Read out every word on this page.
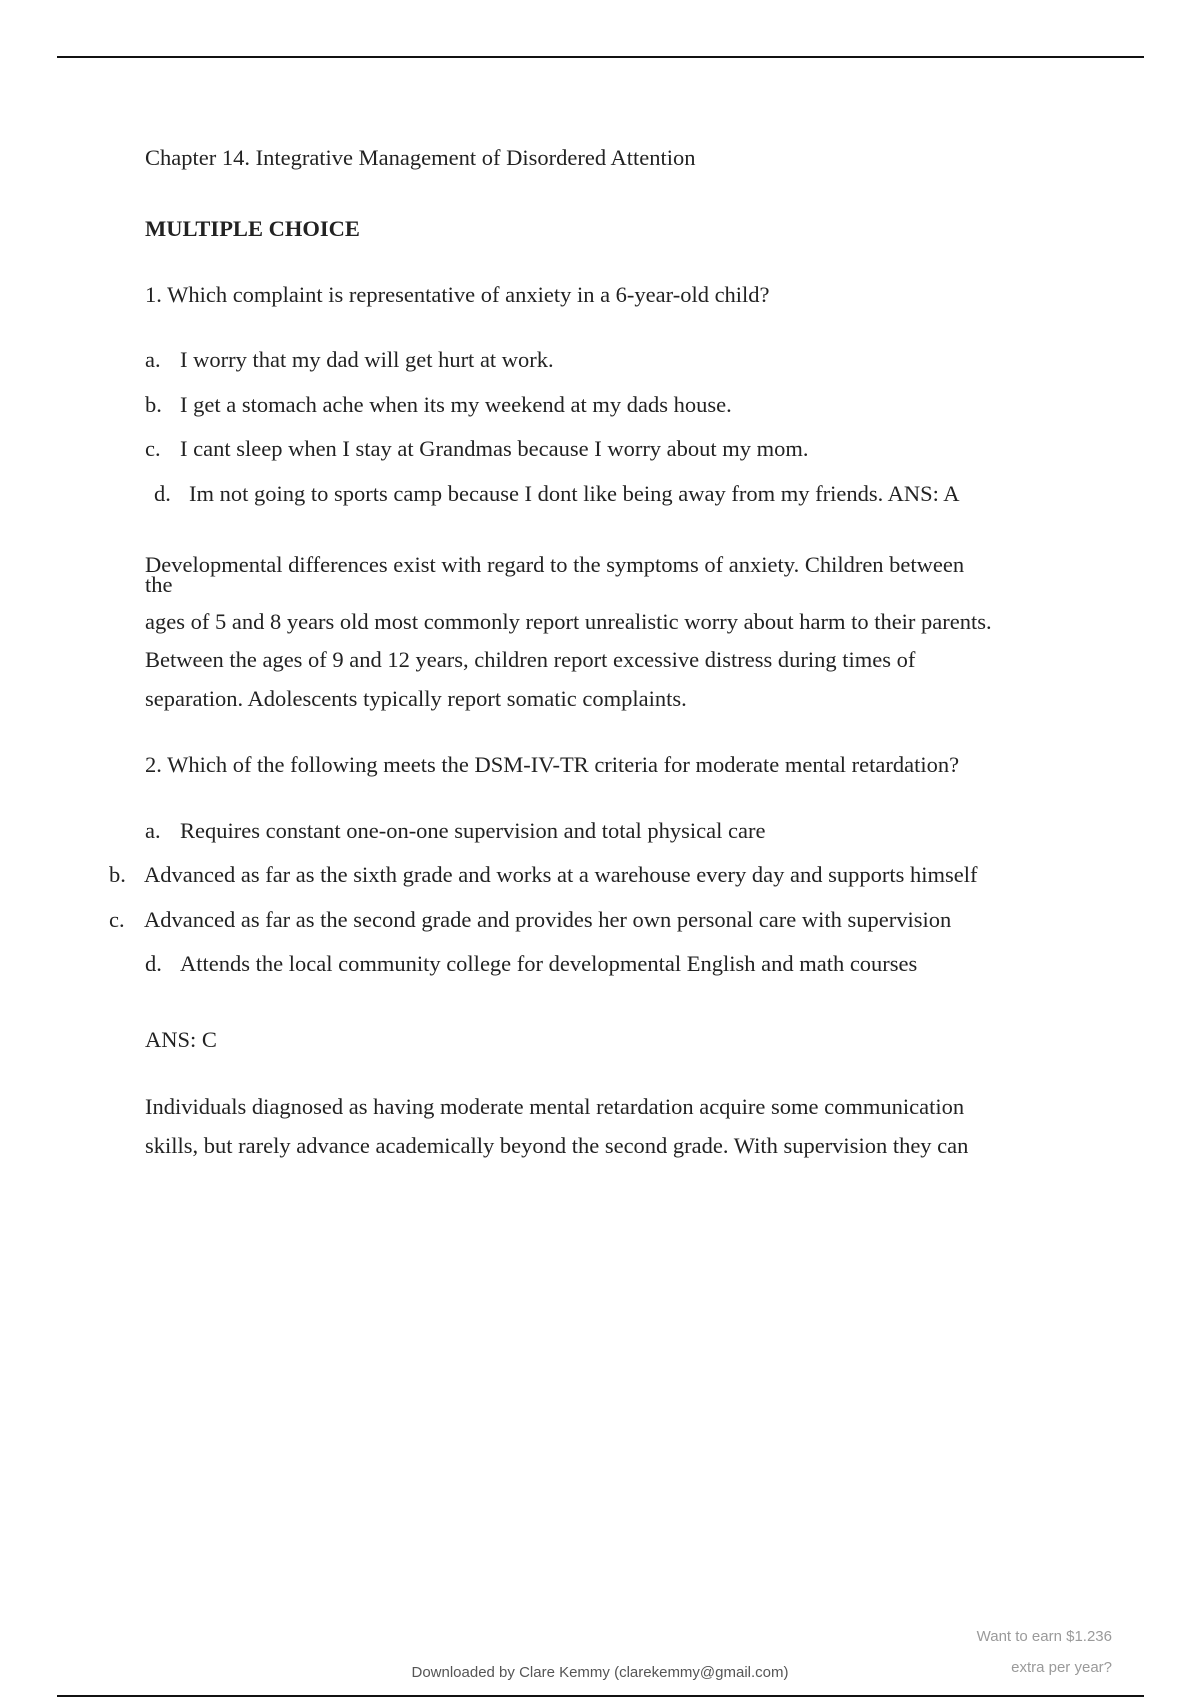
Chapter 14. Integrative Management of Disordered Attention
MULTIPLE CHOICE
1. Which complaint is representative of anxiety in a 6-year-old child?
a. I worry that my dad will get hurt at work.
b. I get a stomach ache when its my weekend at my dads house.
c. I cant sleep when I stay at Grandmas because I worry about my mom.
d. Im not going to sports camp because I dont like being away from my friends. ANS: A
Developmental differences exist with regard to the symptoms of anxiety. Children between
the
ages of 5 and 8 years old most commonly report unrealistic worry about harm to their parents.
Between the ages of 9 and 12 years, children report excessive distress during times of
separation. Adolescents typically report somatic complaints.
2. Which of the following meets the DSM-IV-TR criteria for moderate mental retardation?
a. Requires constant one-on-one supervision and total physical care
b. Advanced as far as the sixth grade and works at a warehouse every day and supports himself
c. Advanced as far as the second grade and provides her own personal care with supervision
d. Attends the local community college for developmental English and math courses
ANS: C
Individuals diagnosed as having moderate mental retardation acquire some communication
skills, but rarely advance academically beyond the second grade. With supervision they can
Want to earn $1.236
extra per year?
Downloaded by Clare Kemmy (clarekemmy@gmail.com)
